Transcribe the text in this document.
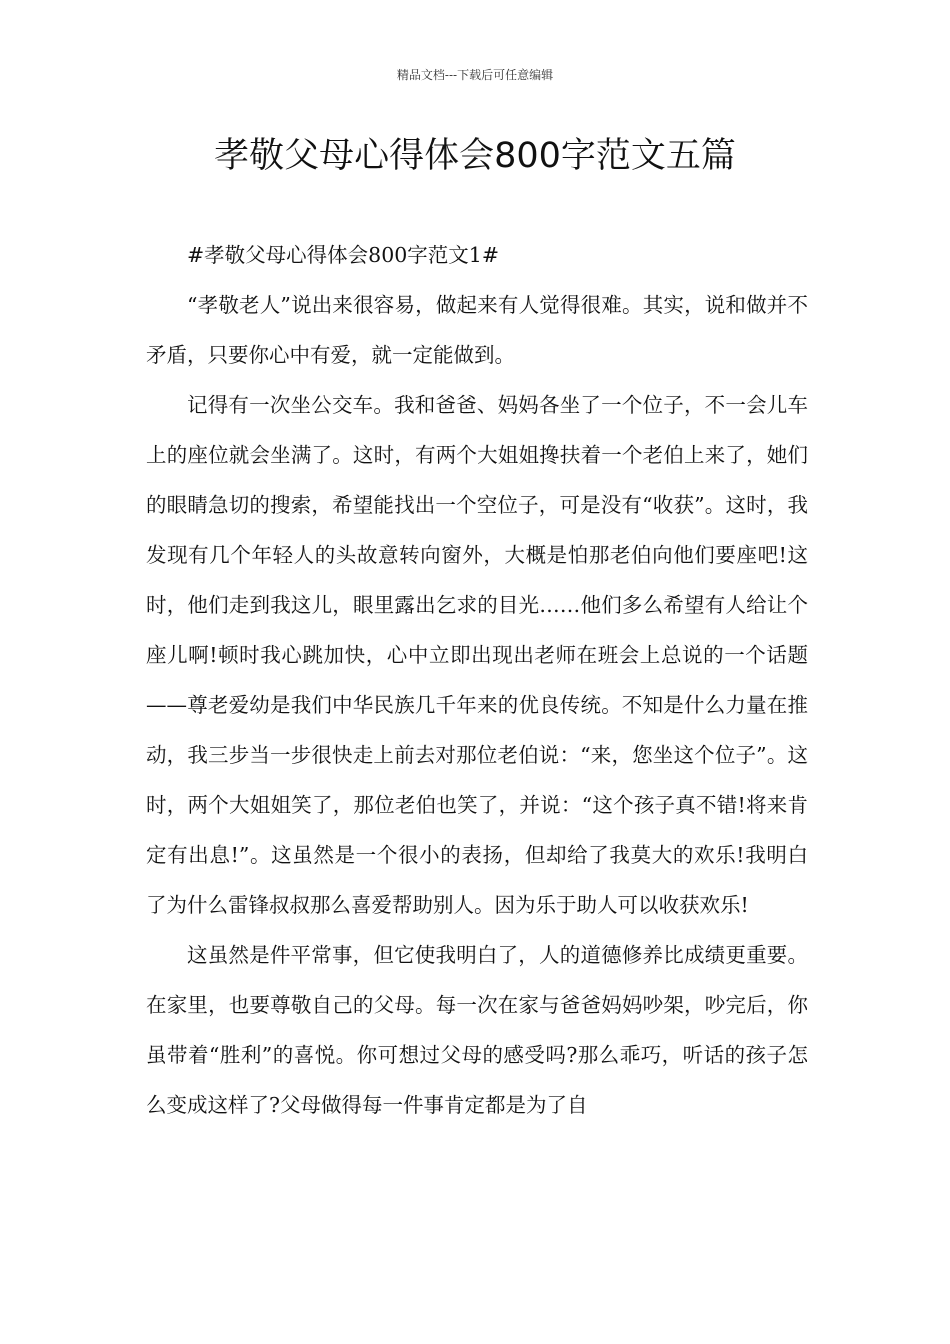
精品文档---下载后可任意编辑
孝敬父母心得体会800字范文五篇

#孝敬父母心得体会800字范文1#

“孝敬老人”说出来很容易，做起来有人觉得很难。其实，说和做并不矛盾，只要你心中有爱，就一定能做到。

记得有一次坐公交车。我和爸爸、妈妈各坐了一个位子，不一会儿车上的座位就会坐满了。这时，有两个大姐姐搀扶着一个老伯上来了，她们的眼睛急切的搜索，希望能找出一个空位子，可是没有“收获”。这时，我发现有几个年轻人的头故意转向窗外，大概是怕那老伯向他们要座吧!这时，他们走到我这儿，眼里露出乞求的目光……他们多么希望有人给让个座儿啊!顿时我心跳加快，心中立即出现出老师在班会上总说的一个话题——尊老爱幼是我们中华民族几千年来的优良传统。不知是什么力量在推动，我三步当一步很快走上前去对那位老伯说：“来，您坐这个位子”。这时，两个大姐姐笑了，那位老伯也笑了，并说：“这个孩子真不错!将来肯定有出息!”。这虽然是一个很小的表扬，但却给了我莫大的欢乐!我明白了为什么雷锋叔叔那么喜爱帮助别人。因为乐于助人可以收获欢乐!

这虽然是件平常事，但它使我明白了，人的道德修养比成绩更重要。在家里，也要尊敬自己的父母。每一次在家与爸爸妈妈吵架，吵完后，你虽带着“胜利”的喜悦。你可想过父母的感受吗?那么乖巧，听话的孩子怎么变成这样了?父母做得每一件事肯定都是为了自
